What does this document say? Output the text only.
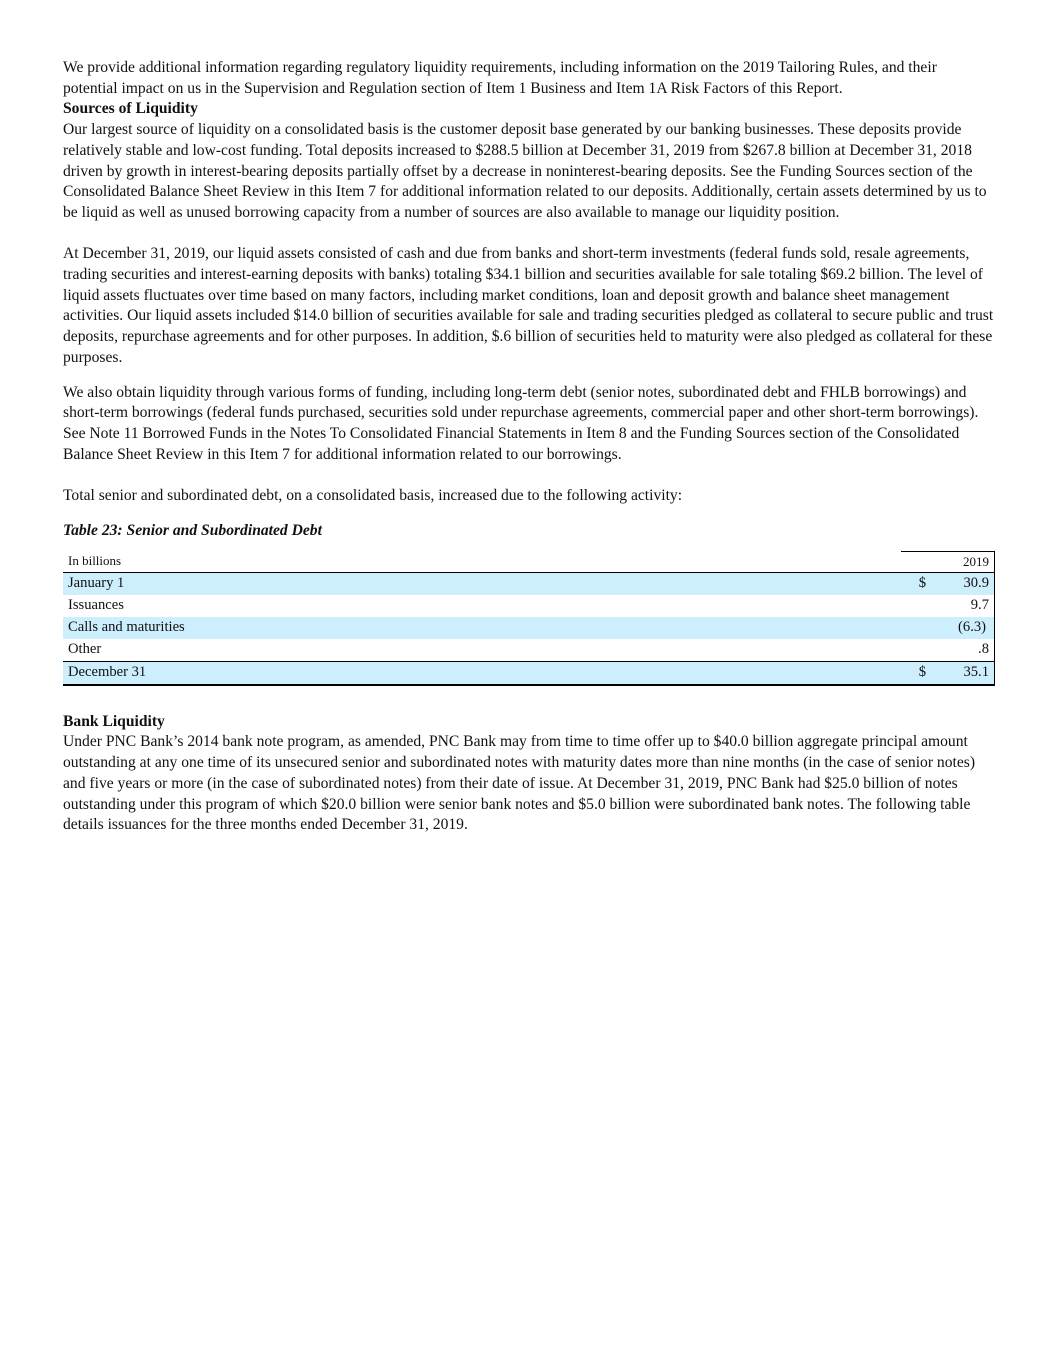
We provide additional information regarding regulatory liquidity requirements, including information on the 2019 Tailoring Rules, and their potential impact on us in the Supervision and Regulation section of Item 1 Business and Item 1A Risk Factors of this Report.

Sources of Liquidity

Our largest source of liquidity on a consolidated basis is the customer deposit base generated by our banking businesses. These deposits provide relatively stable and low-cost funding. Total deposits increased to $288.5 billion at December 31, 2019 from $267.8 billion at December 31, 2018 driven by growth in interest-bearing deposits partially offset by a decrease in noninterest-bearing deposits. See the Funding Sources section of the Consolidated Balance Sheet Review in this Item 7 for additional information related to our deposits. Additionally, certain assets determined by us to be liquid as well as unused borrowing capacity from a number of sources are also available to manage our liquidity position.

At December 31, 2019, our liquid assets consisted of cash and due from banks and short-term investments (federal funds sold, resale agreements, trading securities and interest-earning deposits with banks) totaling $34.1 billion and securities available for sale totaling $69.2 billion. The level of liquid assets fluctuates over time based on many factors, including market conditions, loan and deposit growth and balance sheet management activities. Our liquid assets included $14.0 billion of securities available for sale and trading securities pledged as collateral to secure public and trust deposits, repurchase agreements and for other purposes. In addition, $.6 billion of securities held to maturity were also pledged as collateral for these purposes.

We also obtain liquidity through various forms of funding, including long-term debt (senior notes, subordinated debt and FHLB borrowings) and short-term borrowings (federal funds purchased, securities sold under repurchase agreements, commercial paper and other short-term borrowings). See Note 11 Borrowed Funds in the Notes To Consolidated Financial Statements in Item 8 and the Funding Sources section of the Consolidated Balance Sheet Review in this Item 7 for additional information related to our borrowings.

Total senior and subordinated debt, on a consolidated basis, increased due to the following activity:

Table 23: Senior and Subordinated Debt
In billions	2019	
January 1	$	30.9
Issuances		9.7
Calls and maturities		(6.3)
Other		.8
December 31	$	35.1
Bank Liquidity

Under PNC Bank’s 2014 bank note program, as amended, PNC Bank may from time to time offer up to $40.0 billion aggregate principal amount outstanding at any one time of its unsecured senior and subordinated notes with maturity dates more than nine months (in the case of senior notes) and five years or more (in the case of subordinated notes) from their date of issue. At December 31, 2019, PNC Bank had $25.0 billion of notes outstanding under this program of which $20.0 billion were senior bank notes and $5.0 billion were subordinated bank notes. The following table details issuances for the three months ended December 31, 2019.
